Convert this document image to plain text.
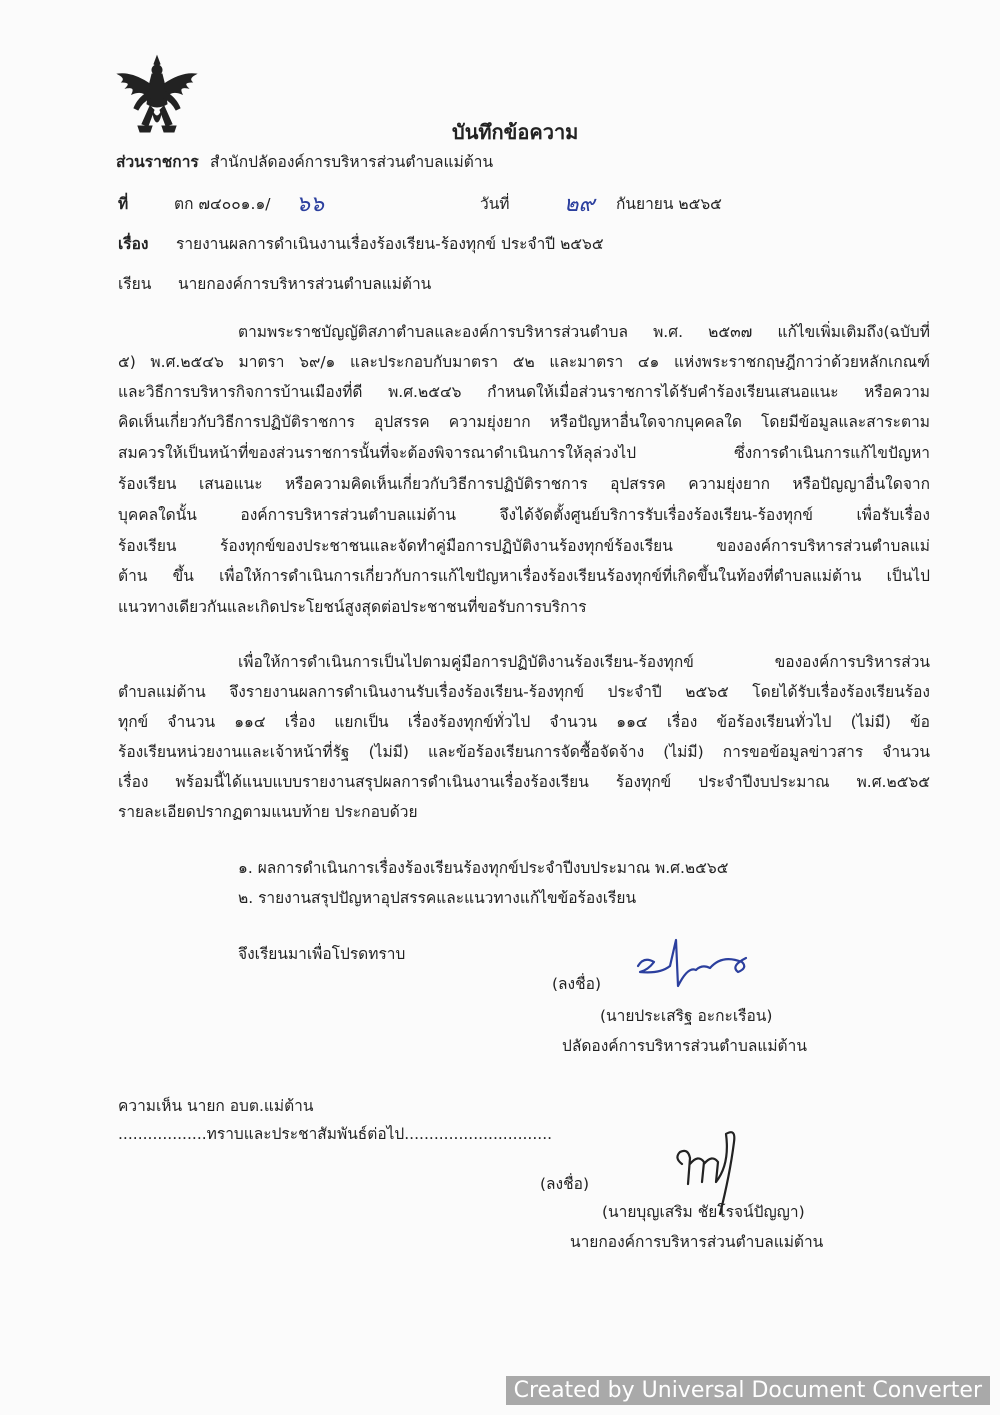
บันทึกข้อความ
ส่วนราชการ สำนักปลัดองค์การบริหารส่วนตำบลแม่ต้าน
ที่	ตก ๗๔๐๐๑.๑/ ๖๖	วันที่ ๒๙ กันยายน ๒๕๖๕
เรื่อง รายงานผลการดำเนินงานเรื่องร้องเรียน-ร้องทุกข์ ประจำปี ๒๕๖๕
เรียน นายกองค์การบริหารส่วนตำบลแม่ต้าน
ตามพระราชบัญญัติสภาตำบลและองค์การบริหารส่วนตำบล พ.ศ. ๒๕๓๗ แก้ไขเพิ่มเติมถึง(ฉบับที่
๕) พ.ศ.๒๕๔๖ มาตรา ๖๙/๑ และประกอบกับมาตรา ๕๒ และมาตรา ๔๑ แห่งพระราชกฤษฎีกาว่าด้วยหลักเกณฑ์
และวิธีการบริหารกิจการบ้านเมืองที่ดี พ.ศ.๒๕๔๖ กำหนดให้เมื่อส่วนราชการได้รับคำร้องเรียนเสนอแนะ หรือความ
คิดเห็นเกี่ยวกับวิธีการปฏิบัติราชการ อุปสรรค ความยุ่งยาก หรือปัญหาอื่นใดจากบุคคลใด โดยมีข้อมูลและสาระตาม
สมควรให้เป็นหน้าที่ของส่วนราชการนั้นที่จะต้องพิจารณาดำเนินการให้ลุล่วงไป ซึ่งการดำเนินการแก้ไขปัญหา
ร้องเรียน เสนอแนะ หรือความคิดเห็นเกี่ยวกับวิธีการปฏิบัติราชการ อุปสรรค ความยุ่งยาก หรือปัญญาอื่นใดจาก
บุคคลใดนั้น องค์การบริหารส่วนตำบลแม่ต้าน จึงได้จัดตั้งศูนย์บริการรับเรื่องร้องเรียน-ร้องทุกข์ เพื่อรับเรื่อง
ร้องเรียน ร้องทุกข์ของประชาชนและจัดทำคู่มือการปฏิบัติงานร้องทุกข์ร้องเรียน ขององค์การบริหารส่วนตำบลแม่
ต้าน ขึ้น เพื่อให้การดำเนินการเกี่ยวกับการแก้ไขปัญหาเรื่องร้องเรียนร้องทุกข์ที่เกิดขึ้นในท้องที่ตำบลแม่ต้าน เป็นไป
แนวทางเดียวกันและเกิดประโยชน์สูงสุดต่อประชาชนที่ขอรับการบริการ
เพื่อให้การดำเนินการเป็นไปตามคู่มือการปฏิบัติงานร้องเรียน-ร้องทุกข์ ขององค์การบริหารส่วน
ตำบลแม่ต้าน จึงรายงานผลการดำเนินงานรับเรื่องร้องเรียน-ร้องทุกข์ ประจำปี ๒๕๖๕ โดยได้รับเรื่องร้องเรียนร้อง
ทุกข์ จำนวน ๑๑๔ เรื่อง แยกเป็น เรื่องร้องทุกข์ทั่วไป จำนวน ๑๑๔ เรื่อง ข้อร้องเรียนทั่วไป (ไม่มี) ข้อ
ร้องเรียนหน่วยงานและเจ้าหน้าที่รัฐ (ไม่มี) และข้อร้องเรียนการจัดซื้อจัดจ้าง (ไม่มี) การขอข้อมูลข่าวสาร จำนวน
เรื่อง พร้อมนี้ได้แนบแบบรายงานสรุปผลการดำเนินงานเรื่องร้องเรียน ร้องทุกข์ ประจำปีงบประมาณ พ.ศ.๒๕๖๕
รายละเอียดปรากฏตามแนบท้าย ประกอบด้วย
๑. ผลการดำเนินการเรื่องร้องเรียนร้องทุกข์ประจำปีงบประมาณ พ.ศ.๒๕๖๕
๒. รายงานสรุปปัญหาอุปสรรคและแนวทางแก้ไขข้อร้องเรียน
จึงเรียนมาเพื่อโปรดทราบ
(ลงชื่อ)
(นายประเสริฐ อะกะเรือน)
ปลัดองค์การบริหารส่วนตำบลแม่ต้าน
ความเห็น นายก อบต.แม่ต้าน
..................ทราบและประชาสัมพันธ์ต่อไป..............................
(ลงชื่อ)
(นายบุญเสริม ชัยโรจน์ปัญญา)
นายกองค์การบริหารส่วนตำบลแม่ต้าน
Created by Universal Document Converter
